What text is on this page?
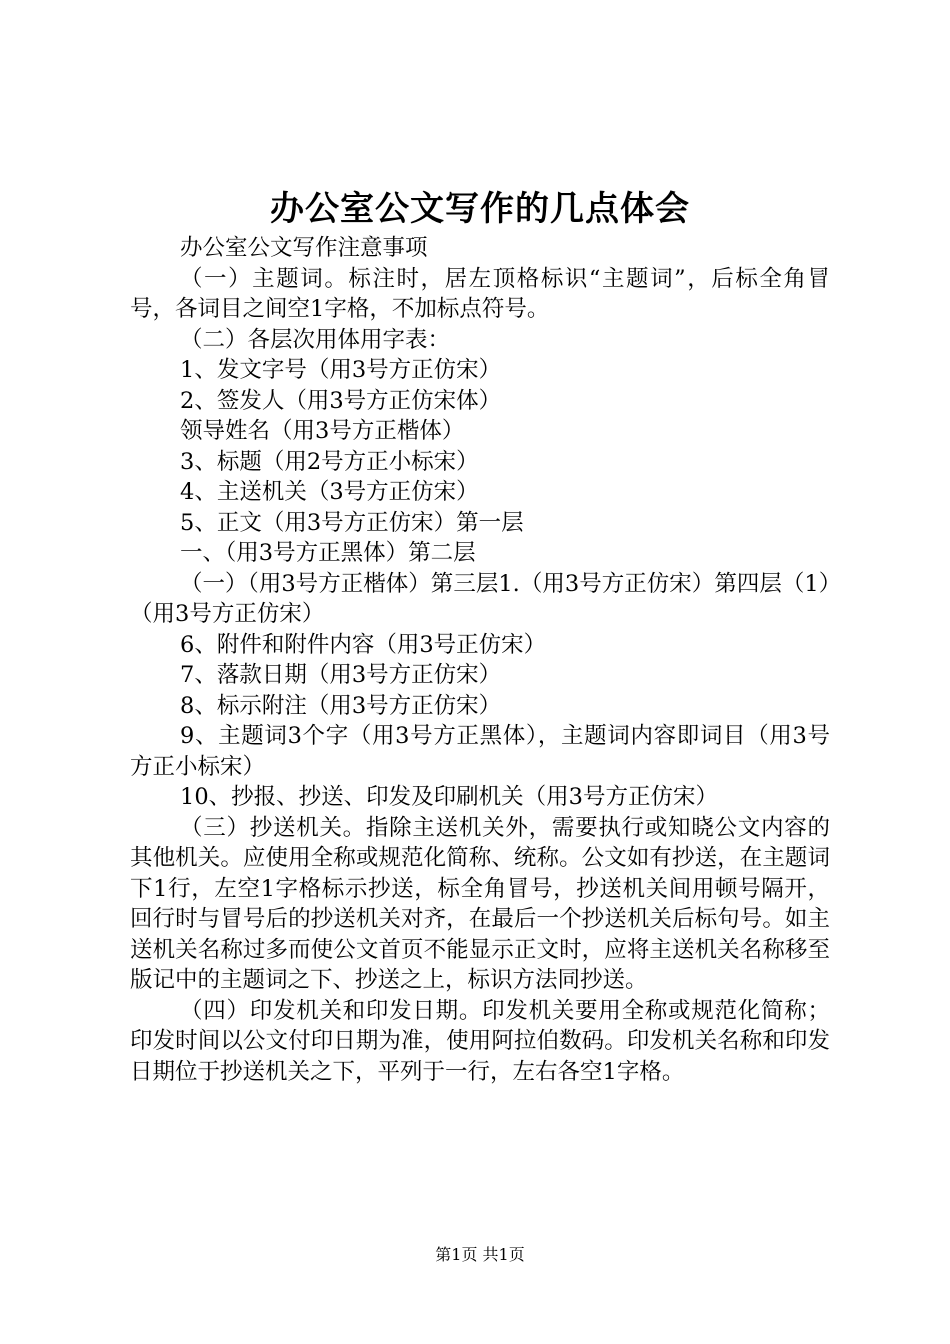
办公室公文写作的几点体会

办公室公文写作注意事项

（一）主题词。标注时，居左顶格标识“主题词”，后标全角冒号，各词目之间空1字格，不加标点符号。

（二）各层次用体用字表：

1、发文字号（用3号方正仿宋）

2、签发人（用3号方正仿宋体）

领导姓名（用3号方正楷体）

3、标题（用2号方正小标宋）

4、主送机关（3号方正仿宋）

5、正文（用3号方正仿宋）第一层

一、（用3号方正黑体）第二层

（一）（用3号方正楷体）第三层1.（用3号方正仿宋）第四层（1）（用3号方正仿宋）

6、附件和附件内容（用3号正仿宋）

7、落款日期（用3号方正仿宋）

8、标示附注（用3号方正仿宋）

9、主题词3个字（用3号方正黑体），主题词内容即词目（用3号方正小标宋）

10、抄报、抄送、印发及印刷机关（用3号方正仿宋）

（三）抄送机关。指除主送机关外，需要执行或知晓公文内容的其他机关。应使用全称或规范化简称、统称。公文如有抄送，在主题词下1行，左空1字格标示抄送，标全角冒号，抄送机关间用顿号隔开，回行时与冒号后的抄送机关对齐，在最后一个抄送机关后标句号。如主送机关名称过多而使公文首页不能显示正文时，应将主送机关名称移至版记中的主题词之下、抄送之上，标识方法同抄送。

（四）印发机关和印发日期。印发机关要用全称或规范化简称；印发时间以公文付印日期为准，使用阿拉伯数码。印发机关名称和印发日期位于抄送机关之下，平列于一行，左右各空1字格。

第1页 共1页
